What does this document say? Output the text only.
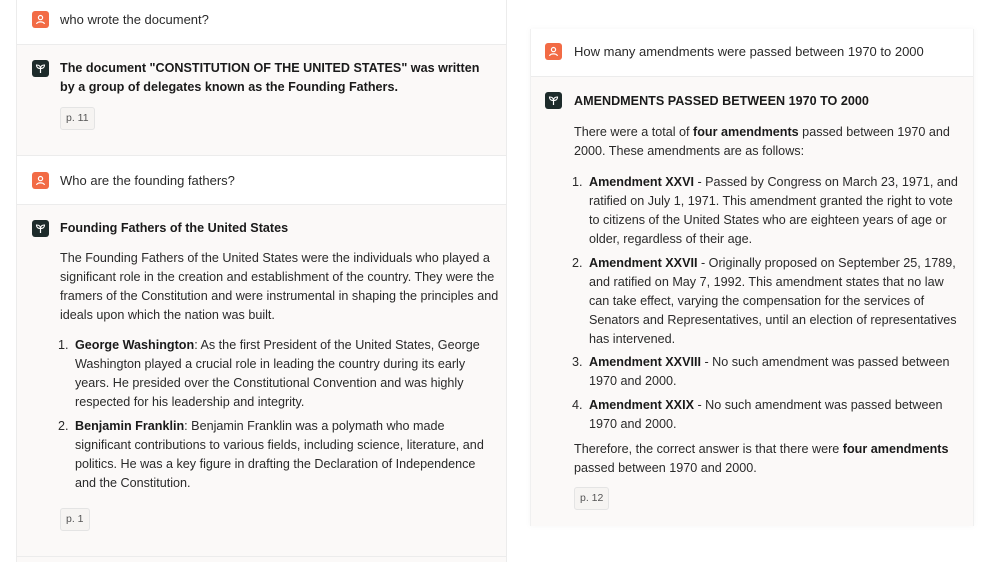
who wrote the document?
The document "CONSTITUTION OF THE UNITED STATES" was written by a group of delegates known as the Founding Fathers.
p. 11
Who are the founding fathers?
Founding Fathers of the United States
The Founding Fathers of the United States were the individuals who played a significant role in the creation and establishment of the country. They were the framers of the Constitution and were instrumental in shaping the principles and ideals upon which the nation was built.
1. George Washington: As the first President of the United States, George Washington played a crucial role in leading the country during its early years. He presided over the Constitutional Convention and was highly respected for his leadership and integrity.
2. Benjamin Franklin: Benjamin Franklin was a polymath who made significant contributions to various fields, including science, literature, and politics. He was a key figure in drafting the Declaration of Independence and the Constitution.
p. 1
How many amendments were passed between 1970 to 2000
AMENDMENTS PASSED BETWEEN 1970 TO 2000
There were a total of four amendments passed between 1970 and 2000. These amendments are as follows:
1. Amendment XXVI - Passed by Congress on March 23, 1971, and ratified on July 1, 1971. This amendment granted the right to vote to citizens of the United States who are eighteen years of age or older, regardless of their age.
2. Amendment XXVII - Originally proposed on September 25, 1789, and ratified on May 7, 1992. This amendment states that no law can take effect, varying the compensation for the services of Senators and Representatives, until an election of representatives has intervened.
3. Amendment XXVIII - No such amendment was passed between 1970 and 2000.
4. Amendment XXIX - No such amendment was passed between 1970 and 2000.
Therefore, the correct answer is that there were four amendments passed between 1970 and 2000.
p. 12
